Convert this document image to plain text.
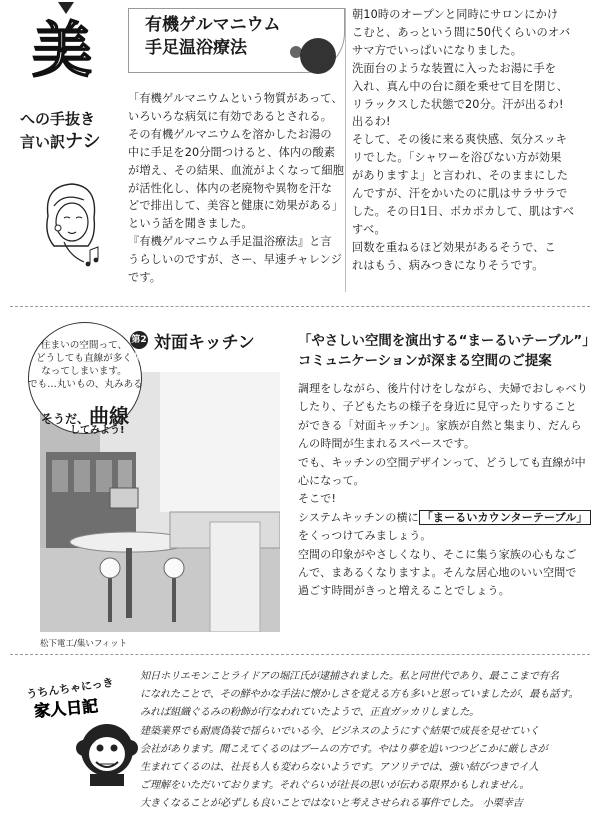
美
への手抜き
言い訳ナシ
有機ゲルマニウム
手足温浴療法

「有機ゲルマニウムという物質があって、

いろいろな病気に有効であるとされる。

その有機ゲルマニウムを溶かしたお湯の

中に手足を20分間つけると、体内の酸素

が増え、その結果、血流がよくなって細胞

が活性化し、体内の老廃物や異物を汗な

どで排出して、美容と健康に効果がある」

という話を聞きました。

『有機ゲルマニウム手足温浴療法』と言

うらしいのですが、さー、早速チャレンジ

です。

朝10時のオープンと同時にサロンにかけ

こむと、あっという間に50代くらいのオバ

サマ方でいっぱいになりました。

洗面台のような装置に入ったお湯に手を

入れ、真ん中の台に顔を乗せて目を閉じ、

リラックスした状態で20分。汗が出るわ!

出るわ!

そして、その後に来る爽快感、気分スッキ

リでした。「シャワーを浴びない方が効果

がありますよ」と言われ、そのままにした

んですが、汗をかいたのに肌はサラサラで

した。その日1日、ポカポカして、肌はすべ

すべ。

回数を重ねるほど効果があるそうで、こ

れはもう、病みつきになりそうです。

住まいの空間って、
どうしても直線が多く
なってしまいます。
でも…丸いもの、丸みある
そうだ、曲線
してみよう!
第2回
対面キッチン
松下電工/集いフィット
「やさしい空間を演出する“まーるいテーブル”」
コミュニケーションが深まる空間のご提案

調理をしながら、後片付けをしながら、夫婦でおしゃべり

したり、子どもたちの様子を身近に見守ったりすること

ができる「対面キッチン」。家族が自然と集まり、だんら

んの時間が生まれるスペースです。

でも、キッチンの空間デザインって、どうしても直線が中

心になって。

そこで!

システムキッチンの横に 「まーるいカウンターテーブル」

をくっつけてみましょう。

空間の印象がやさしくなり、そこに集う家族の心もなご

んで、まあるくなりますよ。そんな居心地のいい空間で

過ごす時間がきっと増えることでしょう。

うちんちゃにっき
家人日記

知日ホリエモンことライドアの堀江氏が逮捕されました。私と同世代であり、最ここまで有名

になれたことで、その鮮やかな手法に懐かしさを覚える方も多いと思っていましたが、最も話す。

みれば組織ぐるみの粉飾が行なわれていたようで、正直ガッカリしました。

建築業界でも耐震偽装で揺らいでいる今、ビジネスのようにすぐ結果で成長を見せていく

会社があります。聞こえてくるのはブームの方です。やはり夢を追いつつどこかに厳しさが

生まれてくるのは、社長も人も変わらないようです。アソリテでは、強い結びつきでイ人

ご理解をいただいております。それぐらいが社長の思いが伝わる限界かもしれません。

大きくなることが必ずしも良いことではないと考えさせられる事件でした。 小栗幸吉
